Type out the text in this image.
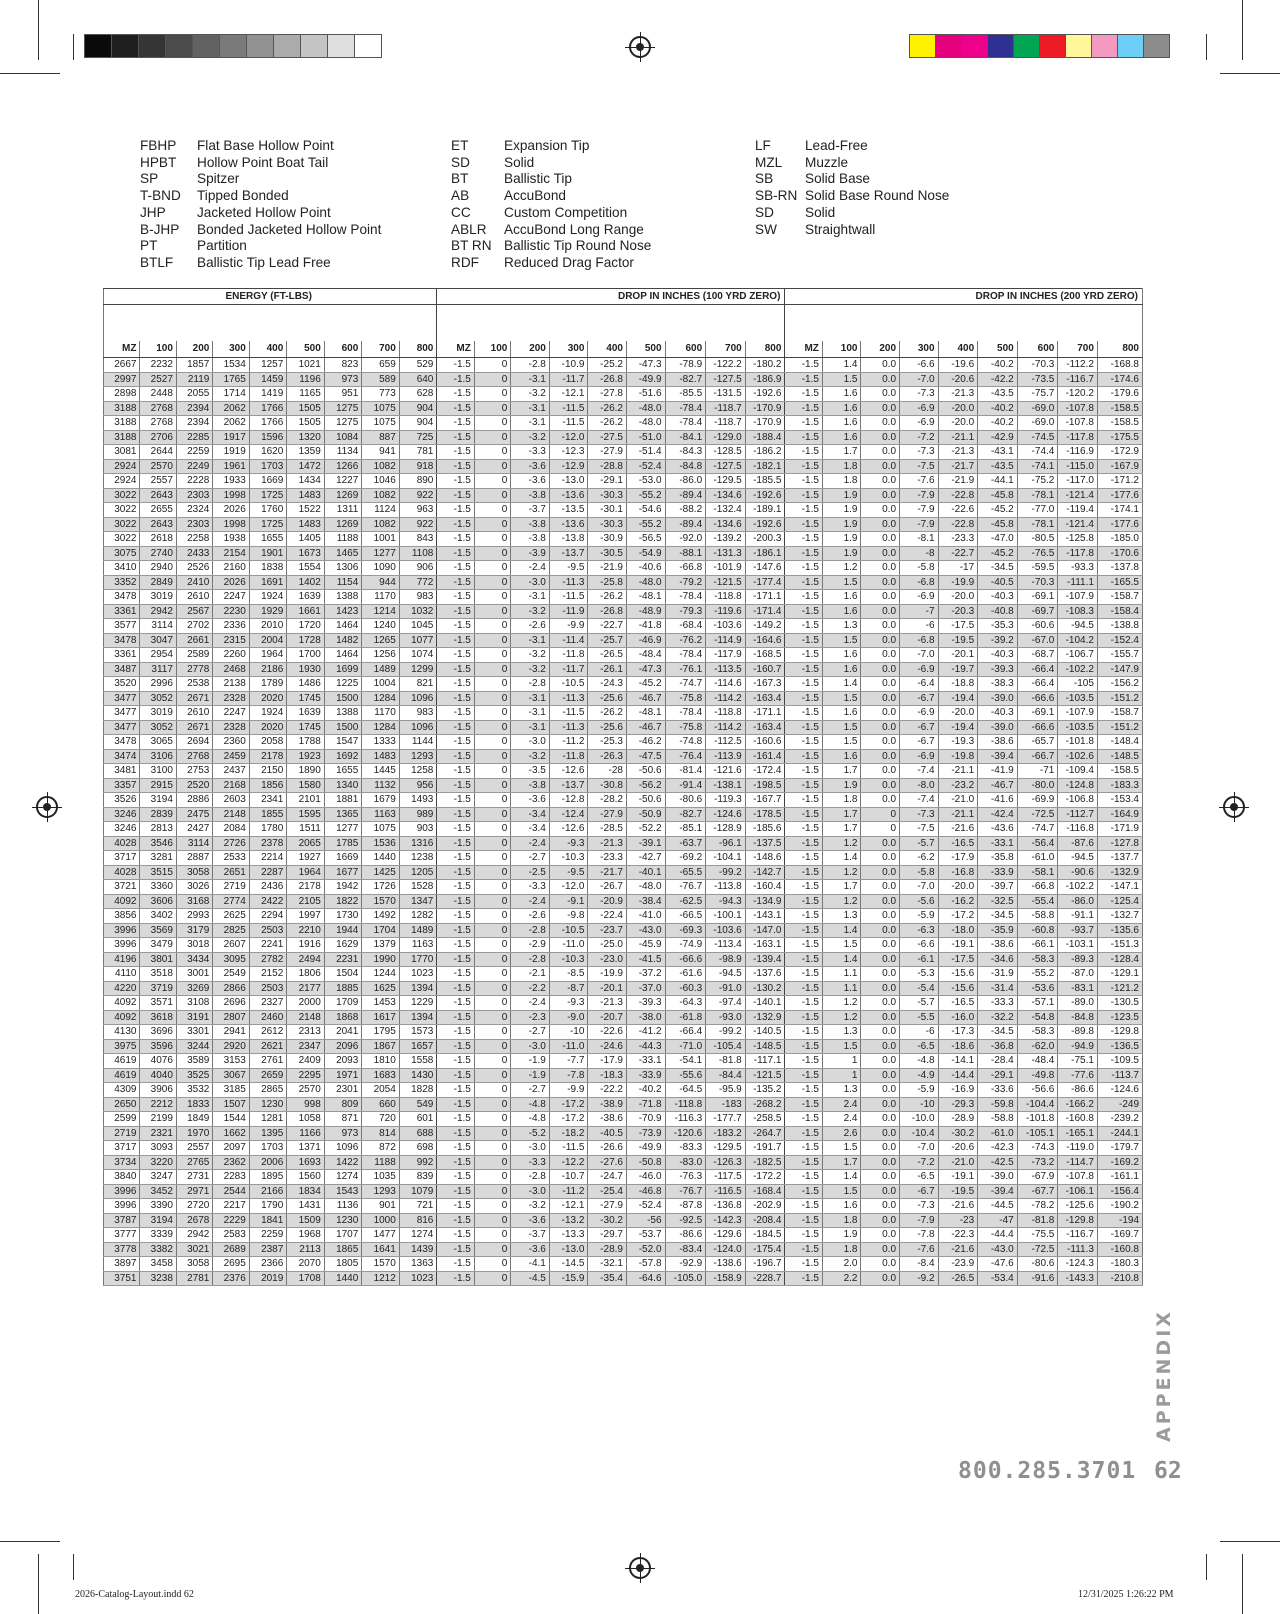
FBHP	Flat Base Hollow Point
HPBT	Hollow Point Boat Tail
SP	Spitzer
T-BND	Tipped Bonded
JHP	Jacketed Hollow Point
B-JHP	Bonded Jacketed Hollow Point
PT	Partition
BTLF	Ballistic Tip Lead Free
ET	Expansion Tip
SD	Solid
BT	Ballistic Tip
AB	AccuBond
CC	Custom Competition
ABLR	AccuBond Long Range
BT RN Ballistic Tip Round Nose
RDF	Reduced Drag Factor
LF	Lead-Free
MZL	Muzzle
SB	Solid Base
SB-RN Solid Base Round Nose
SD	Solid
SW	Straightwall
ENERGY (FT-LBS)									DROP IN INCHES (100 YRD ZERO)									DROP IN INCHES (200 YRD ZERO)								

MZ	100	200	300	400	500	600	700	800	MZ	100	200	300	400	500	600	700	800	MZ	100	200	300	400	500	600	700	800
2667	2232	1857	1534	1257	1021	823	659	529	-1.5	0	-2.8	-10.9	-25.2	-47.3	-78.9	-122.2	-180.2	-1.5	1.4	0.0	-6.6	-19.6	-40.2	-70.3	-112.2	-168.8
2997	2527	2119	1765	1459	1196	973	589	640	-1.5	0	-3.1	-11.7	-26.8	-49.9	-82.7	-127.5	-186.9	-1.5	1.5	0.0	-7.0	-20.6	-42.2	-73.5	-116.7	-174.6
2898	2448	2055	1714	1419	1165	951	773	628	-1.5	0	-3.2	-12.1	-27.8	-51.6	-85.5	-131.5	-192.6	-1.5	1.6	0.0	-7.3	-21.3	-43.5	-75.7	-120.2	-179.6
3188	2768	2394	2062	1766	1505	1275	1075	904	-1.5	0	-3.1	-11.5	-26.2	-48.0	-78.4	-118.7	-170.9	-1.5	1.6	0.0	-6.9	-20.0	-40.2	-69.0	-107.8	-158.5
3188	2768	2394	2062	1766	1505	1275	1075	904	-1.5	0	-3.1	-11.5	-26.2	-48.0	-78.4	-118.7	-170.9	-1.5	1.6	0.0	-6.9	-20.0	-40.2	-69.0	-107.8	-158.5
3188	2706	2285	1917	1596	1320	1084	887	725	-1.5	0	-3.2	-12.0	-27.5	-51.0	-84.1	-129.0	-188.4	-1.5	1.6	0.0	-7.2	-21.1	-42.9	-74.5	-117.8	-175.5
3081	2644	2259	1919	1620	1359	1134	941	781	-1.5	0	-3.3	-12.3	-27.9	-51.4	-84.3	-128.5	-186.2	-1.5	1.7	0.0	-7.3	-21.3	-43.1	-74.4	-116.9	-172.9
2924	2570	2249	1961	1703	1472	1266	1082	918	-1.5	0	-3.6	-12.9	-28.8	-52.4	-84.8	-127.5	-182.1	-1.5	1.8	0.0	-7.5	-21.7	-43.5	-74.1	-115.0	-167.9
2924	2557	2228	1933	1669	1434	1227	1046	890	-1.5	0	-3.6	-13.0	-29.1	-53.0	-86.0	-129.5	-185.5	-1.5	1.8	0.0	-7.6	-21.9	-44.1	-75.2	-117.0	-171.2
3022	2643	2303	1998	1725	1483	1269	1082	922	-1.5	0	-3.8	-13.6	-30.3	-55.2	-89.4	-134.6	-192.6	-1.5	1.9	0.0	-7.9	-22.8	-45.8	-78.1	-121.4	-177.6
3022	2655	2324	2026	1760	1522	1311	1124	963	-1.5	0	-3.7	-13.5	-30.1	-54.6	-88.2	-132.4	-189.1	-1.5	1.9	0.0	-7.9	-22.6	-45.2	-77.0	-119.4	-174.1
3022	2643	2303	1998	1725	1483	1269	1082	922	-1.5	0	-3.8	-13.6	-30.3	-55.2	-89.4	-134.6	-192.6	-1.5	1.9	0.0	-7.9	-22.8	-45.8	-78.1	-121.4	-177.6
3022	2618	2258	1938	1655	1405	1188	1001	843	-1.5	0	-3.8	-13.8	-30.9	-56.5	-92.0	-139.2	-200.3	-1.5	1.9	0.0	-8.1	-23.3	-47.0	-80.5	-125.8	-185.0
3075	2740	2433	2154	1901	1673	1465	1277	1108	-1.5	0	-3.9	-13.7	-30.5	-54.9	-88.1	-131.3	-186.1	-1.5	1.9	0.0	-8	-22.7	-45.2	-76.5	-117.8	-170.6
3410	2940	2526	2160	1838	1554	1306	1090	906	-1.5	0	-2.4	-9.5	-21.9	-40.6	-66.8	-101.9	-147.6	-1.5	1.2	0.0	-5.8	-17	-34.5	-59.5	-93.3	-137.8
3352	2849	2410	2026	1691	1402	1154	944	772	-1.5	0	-3.0	-11.3	-25.8	-48.0	-79.2	-121.5	-177.4	-1.5	1.5	0.0	-6.8	-19.9	-40.5	-70.3	-111.1	-165.5
3478	3019	2610	2247	1924	1639	1388	1170	983	-1.5	0	-3.1	-11.5	-26.2	-48.1	-78.4	-118.8	-171.1	-1.5	1.6	0.0	-6.9	-20.0	-40.3	-69.1	-107.9	-158.7
3361	2942	2567	2230	1929	1661	1423	1214	1032	-1.5	0	-3.2	-11.9	-26.8	-48.9	-79.3	-119.6	-171.4	-1.5	1.6	0.0	-7	-20.3	-40.8	-69.7	-108.3	-158.4
3577	3114	2702	2336	2010	1720	1464	1240	1045	-1.5	0	-2.6	-9.9	-22.7	-41.8	-68.4	-103.6	-149.2	-1.5	1.3	0.0	-6	-17.5	-35.3	-60.6	-94.5	-138.8
3478	3047	2661	2315	2004	1728	1482	1265	1077	-1.5	0	-3.1	-11.4	-25.7	-46.9	-76.2	-114.9	-164.6	-1.5	1.5	0.0	-6.8	-19.5	-39.2	-67.0	-104.2	-152.4
3361	2954	2589	2260	1964	1700	1464	1256	1074	-1.5	0	-3.2	-11.8	-26.5	-48.4	-78.4	-117.9	-168.5	-1.5	1.6	0.0	-7.0	-20.1	-40.3	-68.7	-106.7	-155.7
3487	3117	2778	2468	2186	1930	1699	1489	1299	-1.5	0	-3.2	-11.7	-26.1	-47.3	-76.1	-113.5	-160.7	-1.5	1.6	0.0	-6.9	-19.7	-39.3	-66.4	-102.2	-147.9
3520	2996	2538	2138	1789	1486	1225	1004	821	-1.5	0	-2.8	-10.5	-24.3	-45.2	-74.7	-114.6	-167.3	-1.5	1.4	0.0	-6.4	-18.8	-38.3	-66.4	-105	-156.2
3477	3052	2671	2328	2020	1745	1500	1284	1096	-1.5	0	-3.1	-11.3	-25.6	-46.7	-75.8	-114.2	-163.4	-1.5	1.5	0.0	-6.7	-19.4	-39.0	-66.6	-103.5	-151.2
3477	3019	2610	2247	1924	1639	1388	1170	983	-1.5	0	-3.1	-11.5	-26.2	-48.1	-78.4	-118.8	-171.1	-1.5	1.6	0.0	-6.9	-20.0	-40.3	-69.1	-107.9	-158.7
3477	3052	2671	2328	2020	1745	1500	1284	1096	-1.5	0	-3.1	-11.3	-25.6	-46.7	-75.8	-114.2	-163.4	-1.5	1.5	0.0	-6.7	-19.4	-39.0	-66.6	-103.5	-151.2
3478	3065	2694	2360	2058	1788	1547	1333	1144	-1.5	0	-3.0	-11.2	-25.3	-46.2	-74.8	-112.5	-160.6	-1.5	1.5	0.0	-6.7	-19.3	-38.6	-65.7	-101.8	-148.4
3474	3106	2768	2459	2178	1923	1692	1483	1293	-1.5	0	-3.2	-11.8	-26.3	-47.5	-76.4	-113.9	-161.4	-1.5	1.6	0.0	-6.9	-19.8	-39.4	-66.7	-102.6	-148.5
3481	3100	2753	2437	2150	1890	1655	1445	1258	-1.5	0	-3.5	-12.6	-28	-50.6	-81.4	-121.6	-172.4	-1.5	1.7	0.0	-7.4	-21.1	-41.9	-71	-109.4	-158.5
3357	2915	2520	2168	1856	1580	1340	1132	956	-1.5	0	-3.8	-13.7	-30.8	-56.2	-91.4	-138.1	-198.5	-1.5	1.9	0.0	-8.0	-23.2	-46.7	-80.0	-124.8	-183.3
3526	3194	2886	2603	2341	2101	1881	1679	1493	-1.5	0	-3.6	-12.8	-28.2	-50.6	-80.6	-119.3	-167.7	-1.5	1.8	0.0	-7.4	-21.0	-41.6	-69.9	-106.8	-153.4
3246	2839	2475	2148	1855	1595	1365	1163	989	-1.5	0	-3.4	-12.4	-27.9	-50.9	-82.7	-124.6	-178.5	-1.5	1.7	0	-7.3	-21.1	-42.4	-72.5	-112.7	-164.9
3246	2813	2427	2084	1780	1511	1277	1075	903	-1.5	0	-3.4	-12.6	-28.5	-52.2	-85.1	-128.9	-185.6	-1.5	1.7	0	-7.5	-21.6	-43.6	-74.7	-116.8	-171.9
4028	3546	3114	2726	2378	2065	1785	1536	1316	-1.5	0	-2.4	-9.3	-21.3	-39.1	-63.7	-96.1	-137.5	-1.5	1.2	0.0	-5.7	-16.5	-33.1	-56.4	-87.6	-127.8
3717	3281	2887	2533	2214	1927	1669	1440	1238	-1.5	0	-2.7	-10.3	-23.3	-42.7	-69.2	-104.1	-148.6	-1.5	1.4	0.0	-6.2	-17.9	-35.8	-61.0	-94.5	-137.7
4028	3515	3058	2651	2287	1964	1677	1425	1205	-1.5	0	-2.5	-9.5	-21.7	-40.1	-65.5	-99.2	-142.7	-1.5	1.2	0.0	-5.8	-16.8	-33.9	-58.1	-90.6	-132.9
3721	3360	3026	2719	2436	2178	1942	1726	1528	-1.5	0	-3.3	-12.0	-26.7	-48.0	-76.7	-113.8	-160.4	-1.5	1.7	0.0	-7.0	-20.0	-39.7	-66.8	-102.2	-147.1
4092	3606	3168	2774	2422	2105	1822	1570	1347	-1.5	0	-2.4	-9.1	-20.9	-38.4	-62.5	-94.3	-134.9	-1.5	1.2	0.0	-5.6	-16.2	-32.5	-55.4	-86.0	-125.4
3856	3402	2993	2625	2294	1997	1730	1492	1282	-1.5	0	-2.6	-9.8	-22.4	-41.0	-66.5	-100.1	-143.1	-1.5	1.3	0.0	-5.9	-17.2	-34.5	-58.8	-91.1	-132.7
3996	3569	3179	2825	2503	2210	1944	1704	1489	-1.5	0	-2.8	-10.5	-23.7	-43.0	-69.3	-103.6	-147.0	-1.5	1.4	0.0	-6.3	-18.0	-35.9	-60.8	-93.7	-135.6
3996	3479	3018	2607	2241	1916	1629	1379	1163	-1.5	0	-2.9	-11.0	-25.0	-45.9	-74.9	-113.4	-163.1	-1.5	1.5	0.0	-6.6	-19.1	-38.6	-66.1	-103.1	-151.3
4196	3801	3434	3095	2782	2494	2231	1990	1770	-1.5	0	-2.8	-10.3	-23.0	-41.5	-66.6	-98.9	-139.4	-1.5	1.4	0.0	-6.1	-17.5	-34.6	-58.3	-89.3	-128.4
4110	3518	3001	2549	2152	1806	1504	1244	1023	-1.5	0	-2.1	-8.5	-19.9	-37.2	-61.6	-94.5	-137.6	-1.5	1.1	0.0	-5.3	-15.6	-31.9	-55.2	-87.0	-129.1
4220	3719	3269	2866	2503	2177	1885	1625	1394	-1.5	0	-2.2	-8.7	-20.1	-37.0	-60.3	-91.0	-130.2	-1.5	1.1	0.0	-5.4	-15.6	-31.4	-53.6	-83.1	-121.2
4092	3571	3108	2696	2327	2000	1709	1453	1229	-1.5	0	-2.4	-9.3	-21.3	-39.3	-64.3	-97.4	-140.1	-1.5	1.2	0.0	-5.7	-16.5	-33.3	-57.1	-89.0	-130.5
4092	3618	3191	2807	2460	2148	1868	1617	1394	-1.5	0	-2.3	-9.0	-20.7	-38.0	-61.8	-93.0	-132.9	-1.5	1.2	0.0	-5.5	-16.0	-32.2	-54.8	-84.8	-123.5
4130	3696	3301	2941	2612	2313	2041	1795	1573	-1.5	0	-2.7	-10	-22.6	-41.2	-66.4	-99.2	-140.5	-1.5	1.3	0.0	-6	-17.3	-34.5	-58.3	-89.8	-129.8
3975	3596	3244	2920	2621	2347	2096	1867	1657	-1.5	0	-3.0	-11.0	-24.6	-44.3	-71.0	-105.4	-148.5	-1.5	1.5	0.0	-6.5	-18.6	-36.8	-62.0	-94.9	-136.5
4619	4076	3589	3153	2761	2409	2093	1810	1558	-1.5	0	-1.9	-7.7	-17.9	-33.1	-54.1	-81.8	-117.1	-1.5	1	0.0	-4.8	-14.1	-28.4	-48.4	-75.1	-109.5
4619	4040	3525	3067	2659	2295	1971	1683	1430	-1.5	0	-1.9	-7.8	-18.3	-33.9	-55.6	-84.4	-121.5	-1.5	1	0.0	-4.9	-14.4	-29.1	-49.8	-77.6	-113.7
4309	3906	3532	3185	2865	2570	2301	2054	1828	-1.5	0	-2.7	-9.9	-22.2	-40.2	-64.5	-95.9	-135.2	-1.5	1.3	0.0	-5.9	-16.9	-33.6	-56.6	-86.6	-124.6
2650	2212	1833	1507	1230	998	809	660	549	-1.5	0	-4.8	-17.2	-38.9	-71.8	-118.8	-183	-268.2	-1.5	2.4	0.0	-10	-29.3	-59.8	-104.4	-166.2	-249
2599	2199	1849	1544	1281	1058	871	720	601	-1.5	0	-4.8	-17.2	-38.6	-70.9	-116.3	-177.7	-258.5	-1.5	2.4	0.0	-10.0	-28.9	-58.8	-101.8	-160.8	-239.2
2719	2321	1970	1662	1395	1166	973	814	688	-1.5	0	-5.2	-18.2	-40.5	-73.9	-120.6	-183.2	-264.7	-1.5	2.6	0.0	-10.4	-30.2	-61.0	-105.1	-165.1	-244.1
3717	3093	2557	2097	1703	1371	1096	872	698	-1.5	0	-3.0	-11.5	-26.6	-49.9	-83.3	-129.5	-191.7	-1.5	1.5	0.0	-7.0	-20.6	-42.3	-74.3	-119.0	-179.7
3734	3220	2765	2362	2006	1693	1422	1188	992	-1.5	0	-3.3	-12.2	-27.6	-50.8	-83.0	-126.3	-182.5	-1.5	1.7	0.0	-7.2	-21.0	-42.5	-73.2	-114.7	-169.2
3840	3247	2731	2283	1895	1560	1274	1035	839	-1.5	0	-2.8	-10.7	-24.7	-46.0	-76.3	-117.5	-172.2	-1.5	1.4	0.0	-6.5	-19.1	-39.0	-67.9	-107.8	-161.1
3996	3452	2971	2544	2166	1834	1543	1293	1079	-1.5	0	-3.0	-11.2	-25.4	-46.8	-76.7	-116.5	-168.4	-1.5	1.5	0.0	-6.7	-19.5	-39.4	-67.7	-106.1	-156.4
3996	3390	2720	2217	1790	1431	1136	901	721	-1.5	0	-3.2	-12.1	-27.9	-52.4	-87.8	-136.8	-202.9	-1.5	1.6	0.0	-7.3	-21.6	-44.5	-78.2	-125.6	-190.2
3787	3194	2678	2229	1841	1509	1230	1000	816	-1.5	0	-3.6	-13.2	-30.2	-56	-92.5	-142.3	-208.4	-1.5	1.8	0.0	-7.9	-23	-47	-81.8	-129.8	-194
3777	3339	2942	2583	2259	1968	1707	1477	1274	-1.5	0	-3.7	-13.3	-29.7	-53.7	-86.6	-129.6	-184.5	-1.5	1.9	0.0	-7.8	-22.3	-44.4	-75.5	-116.7	-169.7
3778	3382	3021	2689	2387	2113	1865	1641	1439	-1.5	0	-3.6	-13.0	-28.9	-52.0	-83.4	-124.0	-175.4	-1.5	1.8	0.0	-7.6	-21.6	-43.0	-72.5	-111.3	-160.8
3897	3458	3058	2695	2366	2070	1805	1570	1363	-1.5	0	-4.1	-14.5	-32.1	-57.8	-92.9	-138.6	-196.7	-1.5	2.0	0.0	-8.4	-23.9	-47.6	-80.6	-124.3	-180.3
3751	3238	2781	2376	2019	1708	1440	1212	1023	-1.5	0	-4.5	-15.9	-35.4	-64.6	-105.0	-158.9	-228.7	-1.5	2.2	0.0	-9.2	-26.5	-53.4	-91.6	-143.3	-210.8
APPENDIX
800.285.3701 62
2026-Catalog-Layout.indd 62	12/31/2025 1:26:22 PM
